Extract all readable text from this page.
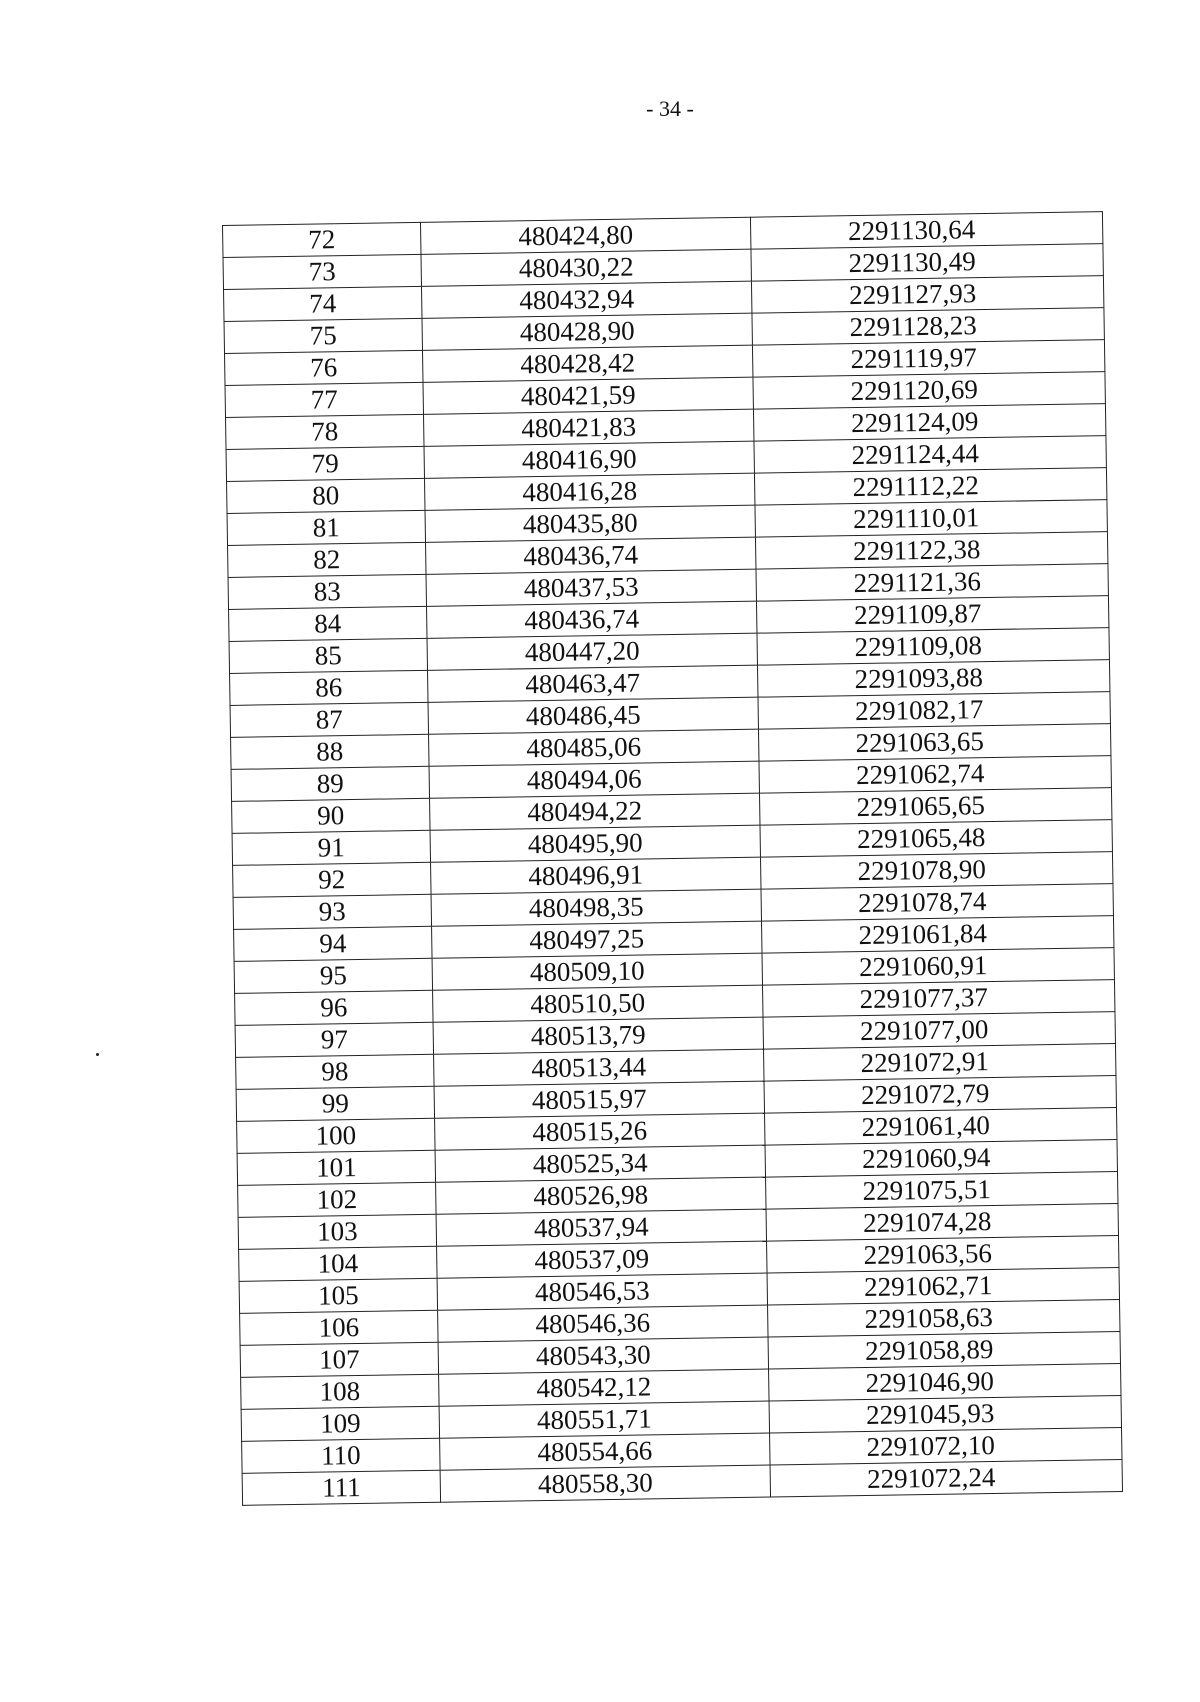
- 34 -
72	480424,80	2291130,64
73	480430,22	2291130,49
74	480432,94	2291127,93
75	480428,90	2291128,23
76	480428,42	2291119,97
77	480421,59	2291120,69
78	480421,83	2291124,09
79	480416,90	2291124,44
80	480416,28	2291112,22
81	480435,80	2291110,01
82	480436,74	2291122,38
83	480437,53	2291121,36
84	480436,74	2291109,87
85	480447,20	2291109,08
86	480463,47	2291093,88
87	480486,45	2291082,17
88	480485,06	2291063,65
89	480494,06	2291062,74
90	480494,22	2291065,65
91	480495,90	2291065,48
92	480496,91	2291078,90
93	480498,35	2291078,74
94	480497,25	2291061,84
95	480509,10	2291060,91
96	480510,50	2291077,37
97	480513,79	2291077,00
98	480513,44	2291072,91
99	480515,97	2291072,79
100	480515,26	2291061,40
101	480525,34	2291060,94
102	480526,98	2291075,51
103	480537,94	2291074,28
104	480537,09	2291063,56
105	480546,53	2291062,71
106	480546,36	2291058,63
107	480543,30	2291058,89
108	480542,12	2291046,90
109	480551,71	2291045,93
110	480554,66	2291072,10
111	480558,30	2291072,24
